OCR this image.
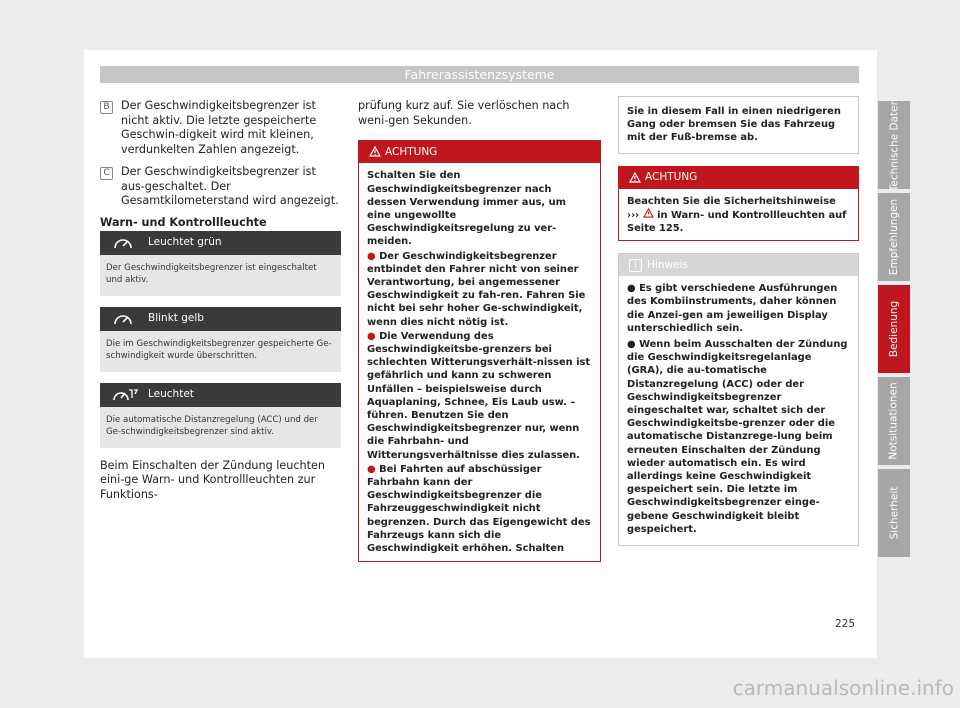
Fahrerassistenzsysteme
B	Der Geschwindigkeitsbegrenzer ist nicht aktiv. Die letzte gespeicherte Geschwin-digkeit wird mit kleinen, verdunkelten Zahlen angezeigt.

C Der Geschwindigkeitsbegrenzer ist aus-geschaltet. Der Gesamtkilometerstand wird angezeigt.

Warn- und Kontrollleuchte

Leuchtet grün
Der Geschwindigkeitsbegrenzer ist eingeschaltet und aktiv.
Blinkt gelb
Die im Geschwindigkeitsbegrenzer gespeicherte Ge-schwindigkeit wurde überschritten.
Leuchtet
Die automatische Distanzregelung (ACC) und der Ge-schwindigkeitsbegrenzer sind aktiv.

Beim Einschalten der Zündung leuchten eini-ge Warn- und Kontrollleuchten zur Funktions-

prüfung kurz auf. Sie verlöschen nach weni-gen Sekunden.

ACHTUNG

Schalten Sie den Geschwindigkeitsbegrenzer nach dessen Verwendung immer aus, um eine ungewollte Geschwindigkeitsregelung zu ver-meiden.

● Der Geschwindigkeitsbegrenzer entbindet den Fahrer nicht von seiner Verantwortung, bei angemessener Geschwindigkeit zu fah-ren. Fahren Sie nicht bei sehr hoher Ge-schwindigkeit, wenn dies nicht nötig ist.

● Die Verwendung des Geschwindigkeitsbe-grenzers bei schlechten Witterungsverhält-nissen ist gefährlich und kann zu schweren Unfällen – beispielsweise durch Aquaplaning, Schnee, Eis Laub usw. – führen. Benutzen Sie den Geschwindigkeitsbegrenzer nur, wenn die Fahrbahn- und Witterungsverhältnisse dies zulassen.

● Bei Fahrten auf abschüssiger Fahrbahn kann der Geschwindigkeitsbegrenzer die Fahrzeuggeschwindigkeit nicht begrenzen. Durch das Eigengewicht des Fahrzeugs kann sich die Geschwindigkeit erhöhen. Schalten

Sie in diesem Fall in einen niedrigeren Gang oder bremsen Sie das Fahrzeug mit der Fuß-bremse ab.
ACHTUNG
Beachten Sie die Sicherheitshinweise ›››  in Warn- und Kontrollleuchten auf Seite 125.
i Hinweis

● Es gibt verschiedene Ausführungen des Kombiinstruments, daher können die Anzei-gen am jeweiligen Display unterschiedlich sein.

● Wenn beim Ausschalten der Zündung die Geschwindigkeitsregelanlage (GRA), die au-tomatische Distanzregelung (ACC) oder der Geschwindigkeitsbegrenzer eingeschaltet war, schaltet sich der Geschwindigkeitsbe-grenzer oder die automatische Distanzrege-lung beim erneuten Einschalten der Zündung wieder automatisch ein. Es wird allerdings keine Geschwindigkeit gespeichert sein. Die letzte im Geschwindigkeitsbegrenzer einge-gebene Geschwindigkeit bleibt gespeichert.

Technische Daten
Empfehlungen
Bedienung
Notsituationen
Sicherheit
225
carmanualsonline.info
